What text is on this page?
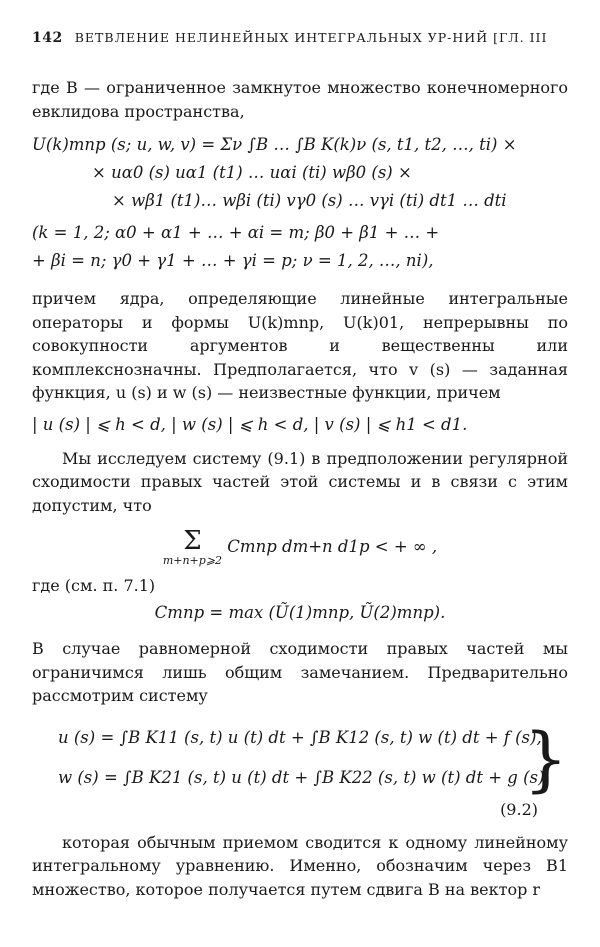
142 ВЕТВЛЕНИЕ НЕЛИНЕЙНЫХ ИНТЕГРАЛЬНЫХ УР-НИЙ [ГЛ. III

где B — ограниченное замкнутое множество конечномерного евклидова пространства,

U(k)mnp (s; u, w, v) = Σν ∫B … ∫B K(k)ν (s, t1, t2, …, ti) ×
× uα0 (s) uα1 (t1) … uαi (ti) wβ0 (s) ×
× wβ1 (t1)… wβi (ti) vγ0 (s) … vγi (ti) dt1 … dti
(k = 1, 2; α0 + α1 + … + αi = m; β0 + β1 + … +
+ βi = n; γ0 + γ1 + … + γi = p; ν = 1, 2, …, ni),

причем ядра, определяющие линейные интегральные операторы и формы U(k)mnp, U(k)01, непрерывны по совокупности аргументов и вещественны или комплекснозначны. Предполагается, что v (s) — заданная функция, u (s) и w (s) — неизвестные функции, причем

| u (s) | ⩽ h < d, | w (s) | ⩽ h < d, | v (s) | ⩽ h1 < d1.

Мы исследуем систему (9.1) в предположении регулярной сходимости правых частей этой системы и в связи с этим допустим, что

Σ
m+n+p⩾2
Cmnp dm+n d1p < + ∞ ,

где (см. п. 7.1)

Cmnp = max (Ũ(1)mnp, Ũ(2)mnp).

В случае равномерной сходимости правых частей мы ограничимся лишь общим замечанием. Предварительно рассмотрим систему

u (s) = ∫B K11 (s, t) u (t) dt + ∫B K12 (s, t) w (t) dt + f (s),
w (s) = ∫B K21 (s, t) u (t) dt + ∫B K22 (s, t) w (t) dt + g (s),
}
(9.2)

которая обычным приемом сводится к одному линейному интегральному уравнению. Именно, обозначим через B1 множество, которое получается путем сдвига B на вектор r
